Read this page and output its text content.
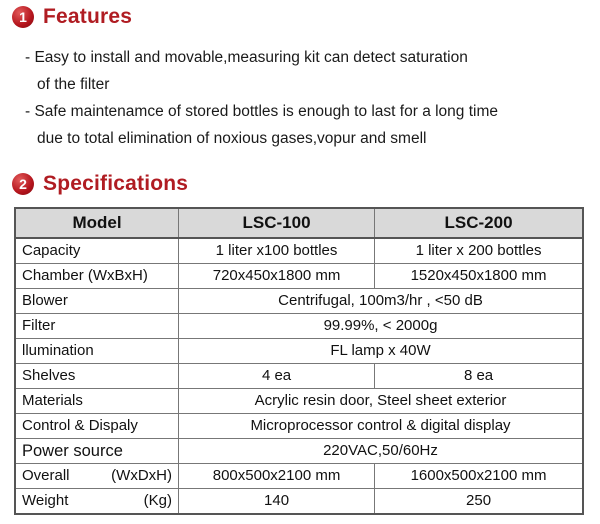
1 Features
- Easy to install and movable,measuring kit can detect saturation
of the filter
- Safe maintenamce of stored bottles is enough to last for a long time
due to total elimination of noxious gases,vopur and smell
2 Specifications
Model	LSC-100	LSC-200
Capacity	1 liter x100 bottles	1 liter x 200 bottles
Chamber (WxBxH)	720x450x1800 mm	1520x450x1800 mm
Blower	Centrifugal, 100m3/hr , <50 dB	
Filter	99.99%, < 2000g	
llumination	FL lamp x 40W	
Shelves	4 ea	8 ea
Materials	Acrylic resin door, Steel sheet exterior	
Control & Dispaly	Microprocessor control & digital display	
Power source	220VAC,50/60Hz	

Overall (WxDxH)	800x500x2100 mm	1600x500x2100 mm

Weight (Kg)	140	250
